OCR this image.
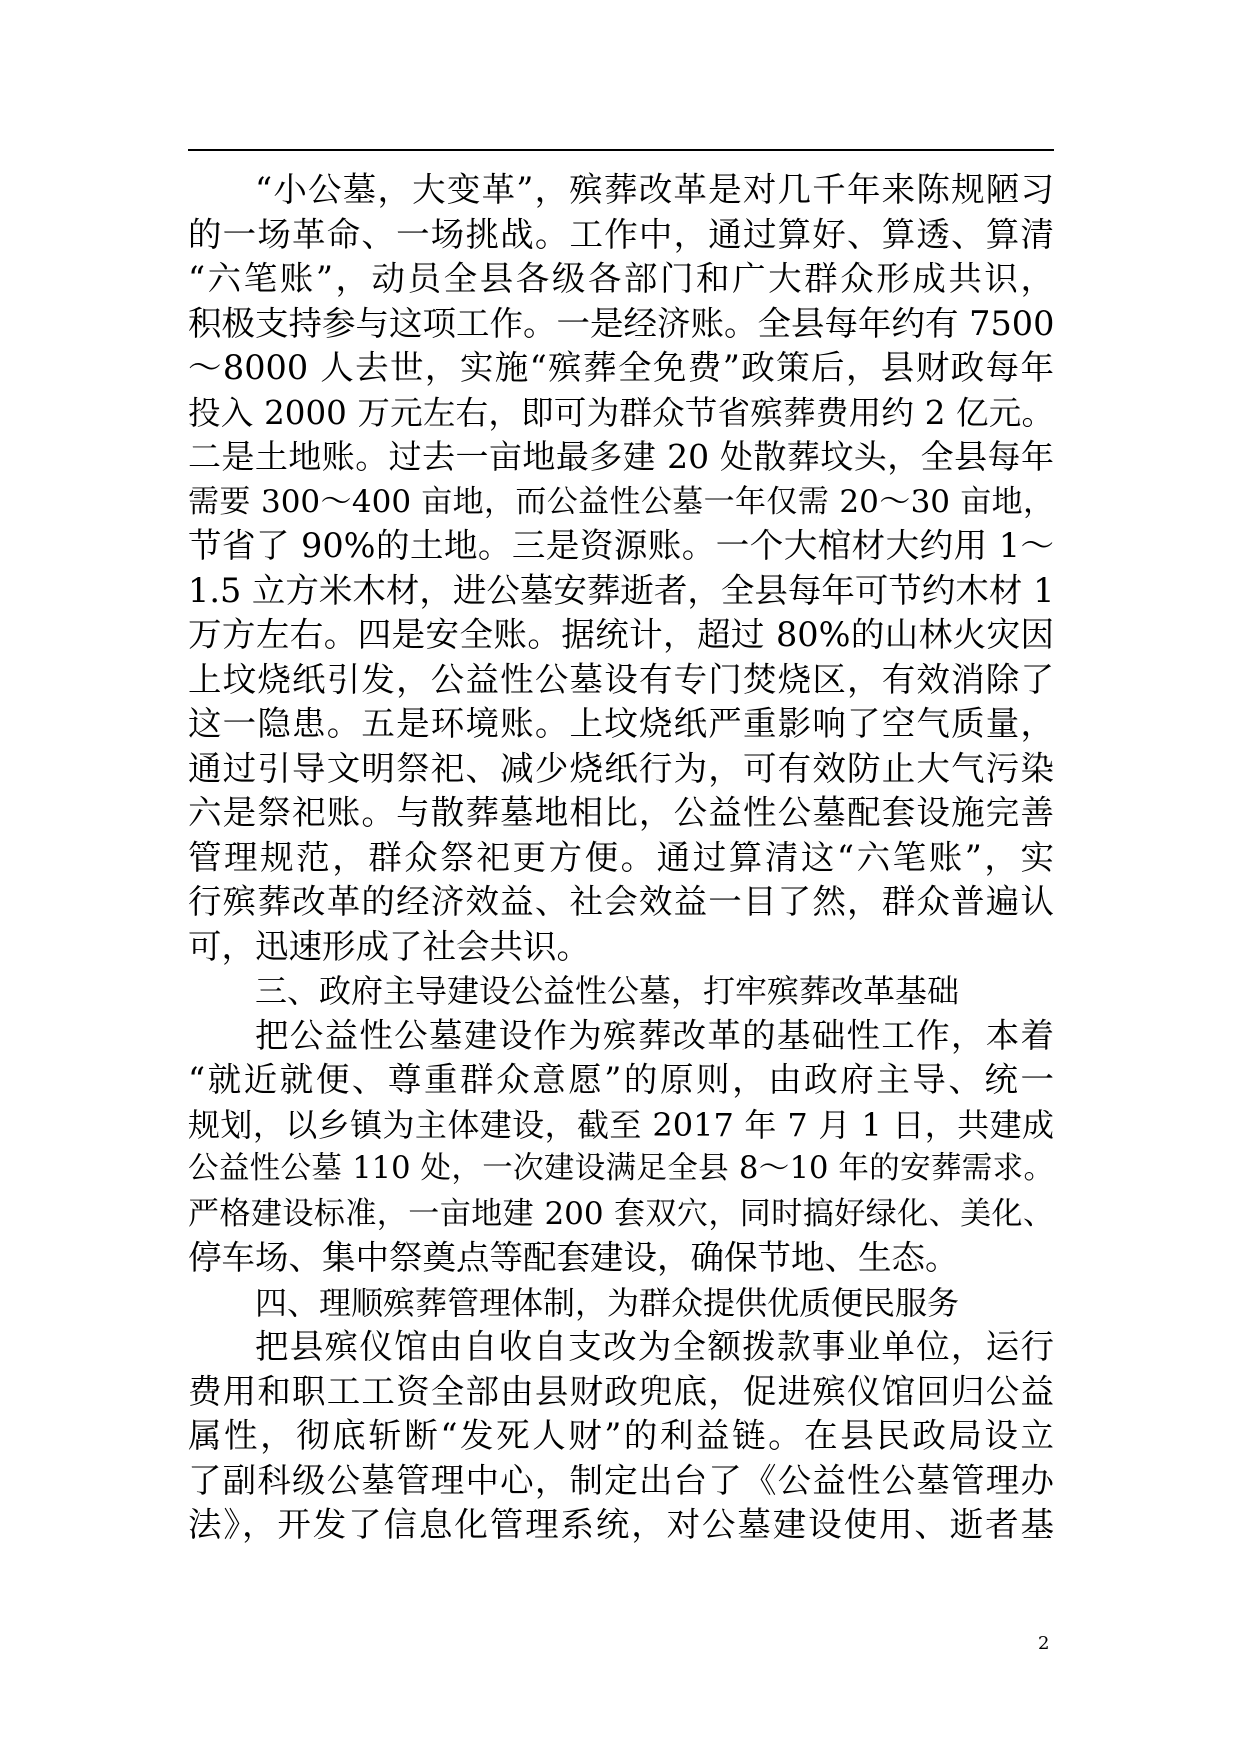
“小公墓，大变革”，殡葬改革是对几千年来陈规陋习
的一场革命、一场挑战。工作中，通过算好、算透、算清
“六笔账”，动员全县各级各部门和广大群众形成共识，
积极支持参与这项工作。一是经济账。全县每年约有 7500
～8000 人去世，实施“殡葬全免费”政策后，县财政每年
投入 2000 万元左右，即可为群众节省殡葬费用约 2 亿元。
二是土地账。过去一亩地最多建 20 处散葬坟头，全县每年
需要 300～400 亩地，而公益性公墓一年仅需 20～30 亩地，
节省了 90%的土地。三是资源账。一个大棺材大约用 1～
1.5 立方米木材，进公墓安葬逝者，全县每年可节约木材 1
万方左右。四是安全账。据统计，超过 80%的山林火灾因
上坟烧纸引发，公益性公墓设有专门焚烧区，有效消除了
这一隐患。五是环境账。上坟烧纸严重影响了空气质量，
通过引导文明祭祀、减少烧纸行为，可有效防止大气污染
六是祭祀账。与散葬墓地相比，公益性公墓配套设施完善
管理规范，群众祭祀更方便。通过算清这“六笔账”，实
行殡葬改革的经济效益、社会效益一目了然，群众普遍认
可，迅速形成了社会共识。
三、政府主导建设公益性公墓，打牢殡葬改革基础
把公益性公墓建设作为殡葬改革的基础性工作，本着
“就近就便、尊重群众意愿”的原则，由政府主导、统一
规划，以乡镇为主体建设，截至 2017 年 7 月 1 日，共建成
公益性公墓 110 处，一次建设满足全县 8～10 年的安葬需求。
严格建设标准，一亩地建 200 套双穴，同时搞好绿化、美化、
停车场、集中祭奠点等配套建设，确保节地、生态。
四、理顺殡葬管理体制，为群众提供优质便民服务
把县殡仪馆由自收自支改为全额拨款事业单位，运行
费用和职工工资全部由县财政兜底，促进殡仪馆回归公益
属性，彻底斩断“发死人财”的利益链。在县民政局设立
了副科级公墓管理中心，制定出台了《公益性公墓管理办
法》，开发了信息化管理系统，对公墓建设使用、逝者基
2
